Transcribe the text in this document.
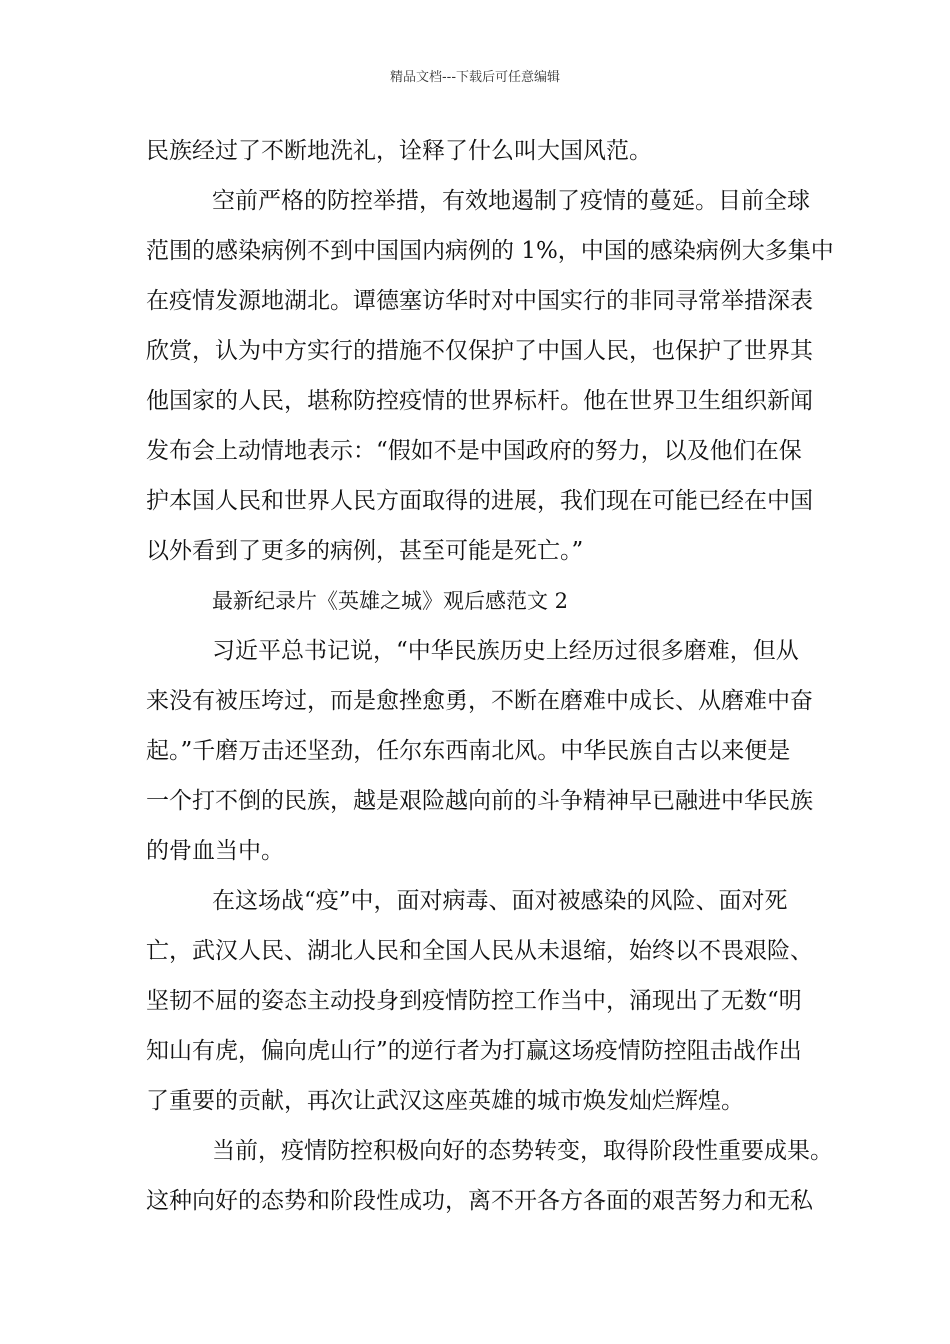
精品文档---下载后可任意编辑
民族经过了不断地洗礼，诠释了什么叫大国风范。
空前严格的防控举措，有效地遏制了疫情的蔓延。目前全球
范围的感染病例不到中国国内病例的 1%，中国的感染病例大多集中
在疫情发源地湖北。谭德塞访华时对中国实行的非同寻常举措深表
欣赏，认为中方实行的措施不仅保护了中国人民，也保护了世界其
他国家的人民，堪称防控疫情的世界标杆。他在世界卫生组织新闻
发布会上动情地表示：“假如不是中国政府的努力，以及他们在保
护本国人民和世界人民方面取得的进展，我们现在可能已经在中国
以外看到了更多的病例，甚至可能是死亡。”
最新纪录片《英雄之城》观后感范文 2
习近平总书记说，“中华民族历史上经历过很多磨难，但从
来没有被压垮过，而是愈挫愈勇，不断在磨难中成长、从磨难中奋
起。”千磨万击还坚劲，任尔东西南北风。中华民族自古以来便是
一个打不倒的民族，越是艰险越向前的斗争精神早已融进中华民族
的骨血当中。
在这场战“疫”中，面对病毒、面对被感染的风险、面对死
亡，武汉人民、湖北人民和全国人民从未退缩，始终以不畏艰险、
坚韧不屈的姿态主动投身到疫情防控工作当中，涌现出了无数“明
知山有虎，偏向虎山行”的逆行者为打赢这场疫情防控阻击战作出
了重要的贡献，再次让武汉这座英雄的城市焕发灿烂辉煌。
当前，疫情防控积极向好的态势转变，取得阶段性重要成果。
这种向好的态势和阶段性成功，离不开各方各面的艰苦努力和无私
